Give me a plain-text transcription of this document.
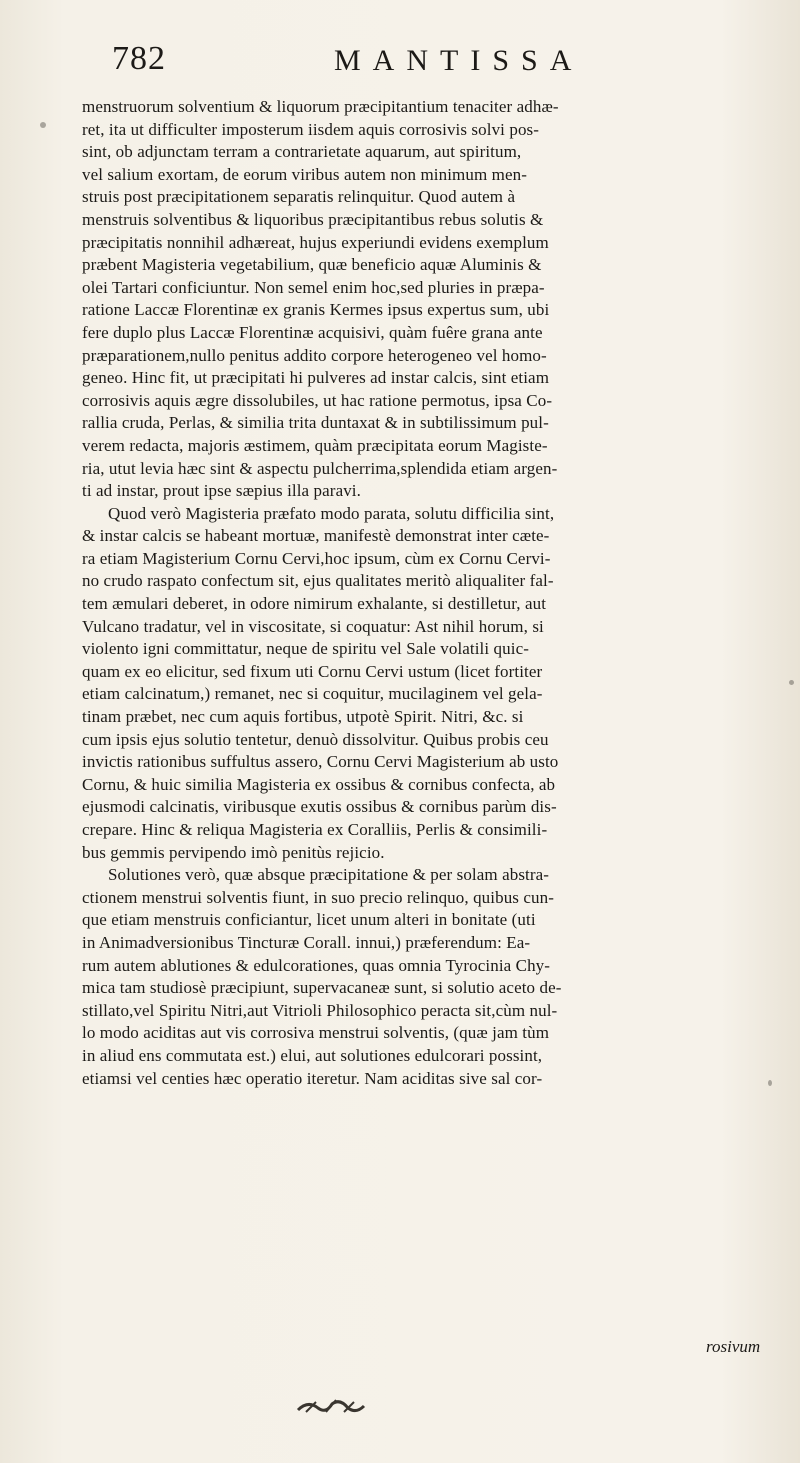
782	MANTISSA
menstruorum solventium & liquorum præcipitantium tenaciter adhæ-
ret, ita ut difficulter imposterum iisdem aquis corrosivis solvi pos-
sint, ob adjunctam terram a contrarietate aquarum, aut spiritum,
vel salium exortam, de eorum viribus autem non minimum men-
struis post præcipitationem separatis relinquitur. Quod autem à
menstruis solventibus & liquoribus præcipitantibus rebus solutis &
præcipitatis nonnihil adhæreat, hujus experiundi evidens exemplum
præbent Magisteria vegetabilium, quæ beneficio aquæ Aluminis &
olei Tartari conficiuntur. Non semel enim hoc,sed pluries in præpa-
ratione Laccæ Florentinæ ex granis Kermes ipsus expertus sum, ubi
fere duplo plus Laccæ Florentinæ acquisivi, quàm fuêre grana ante
præparationem,nullo penitus addito corpore heterogeneo vel homo-
geneo. Hinc fit, ut præcipitati hi pulveres ad instar calcis, sint etiam
corrosivis aquis ægre dissolubiles, ut hac ratione permotus, ipsa Co-
rallia cruda, Perlas, & similia trita duntaxat & in subtilissimum pul-
verem redacta, majoris æstimem, quàm præcipitata eorum Magiste-
ria, utut levia hæc sint & aspectu pulcherrima,splendida etiam argen-
ti ad instar, prout ipse sæpius illa paravi.
Quod verò Magisteria præfato modo parata, solutu difficilia sint,
& instar calcis se habeant mortuæ, manifestè demonstrat inter cæte-
ra etiam Magisterium Cornu Cervi,hoc ipsum, cùm ex Cornu Cervi-
no crudo raspato confectum sit, ejus qualitates meritò aliqualiter fal-
tem æmulari deberet, in odore nimirum exhalante, si destilletur, aut
Vulcano tradatur, vel in viscositate, si coquatur: Ast nihil horum, si
violento igni committatur, neque de spiritu vel Sale volatili quic-
quam ex eo elicitur, sed fixum uti Cornu Cervi ustum (licet fortiter
etiam calcinatum,) remanet, nec si coquitur, mucilaginem vel gela-
tinam præbet, nec cum aquis fortibus, utpotè Spirit. Nitri, &c. si
cum ipsis ejus solutio tentetur, denuò dissolvitur. Quibus probis ceu
invictis rationibus suffultus assero, Cornu Cervi Magisterium ab usto
Cornu, & huic similia Magisteria ex ossibus & cornibus confecta, ab
ejusmodi calcinatis, viribusque exutis ossibus & cornibus parùm dis-
crepare. Hinc & reliqua Magisteria ex Coralliis, Perlis & consimili-
bus gemmis pervipendo imò penitùs rejicio.
Solutiones verò, quæ absque præcipitatione & per solam abstra-
ctionem menstrui solventis fiunt, in suo precio relinquo, quibus cun-
que etiam menstruis conficiantur, licet unum alteri in bonitate (uti
in Animadversionibus Tincturæ Corall. innui,) præferendum: Ea-
rum autem ablutiones & edulcorationes, quas omnia Tyrocinia Chy-
mica tam studiosè præcipiunt, supervacaneæ sunt, si solutio aceto de-
stillato,vel Spiritu Nitri,aut Vitrioli Philosophico peracta sit,cùm nul-
lo modo aciditas aut vis corrosiva menstrui solventis, (quæ jam tùm
in aliud ens commutata est.) elui, aut solutiones edulcorari possint,
etiamsi vel centies hæc operatio iteretur. Nam aciditas sive sal cor-
rosivum
